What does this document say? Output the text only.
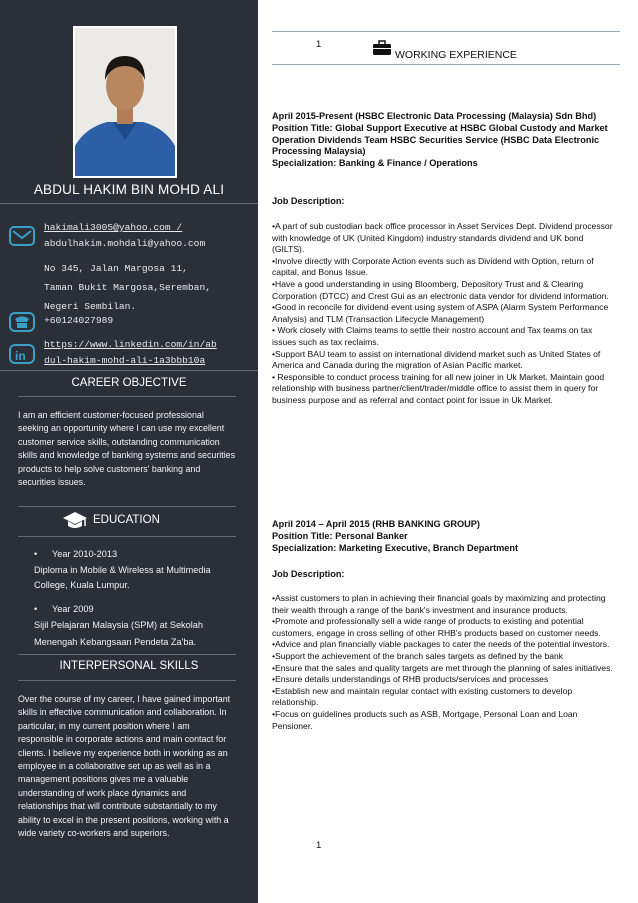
ABDUL HAKIM BIN MOHD ALI
hakimali3005@yahoo.com /
abdulhakim.mohdali@yahoo.com
No 345, Jalan Margosa 11,
Taman Bukit Margosa,Seremban,
Negeri Sembilan.
+60124027989
in
https://www.linkedin.com/in/ab
dul-hakim-mohd-ali-1a3bbb10a
CAREER OBJECTIVE
I am an efficient customer-focused professional seeking an opportunity where I can use my excellent customer service skills, outstanding communication skills and knowledge of banking systems and securities products to help solve customers' banking and securities issues.
EDUCATION
• Year 2010-2013
Diploma in Mobile & Wireless at Multimedia
College, Kuala Lumpur.
• Year 2009
Sijil Pelajaran Malaysia (SPM) at Sekolah
Menengah Kebangsaan Pendeta Za'ba.
INTERPERSONAL SKILLS
Over the course of my career, I have gained important skills in effective communication and collaboration. In particular, in my current position where I am responsible in corporate actions and main contact for clients. I believe my experience both in working as an employee in a collaborative set up as well as in a management positions gives me a valuable understanding of work place dynamics and relationships that will contribute substantially to my ability to excel in the present positions, working with a wide variety co-workers and superiors.
1
WORKING EXPERIENCE
April 2015-Present (HSBC Electronic Data Processing (Malaysia) Sdn Bhd)
Position Title: Global Support Executive at HSBC Global Custody and Market Operation Dividends Team HSBC Securities Service (HSBC Data Electronic Processing Malaysia)
Specialization: Banking & Finance / Operations
Job Description:
•A part of sub custodian back office processor in Asset Services Dept. Dividend processor with knowledge of UK (United Kingdom) industry standards dividend and UK bond (GILTS).
•Involve directly with Corporate Action events such as Dividend with Option, return of capital, and Bonus Issue.
•Have a good understanding in using Bloomberg, Depository Trust and & Clearing Corporation (DTCC) and Crest Gui as an electronic data vendor for dividend information.
•Good in reconcile for dividend event using system of ASPA (Alarm System Performance Analysis) and TLM (Transaction Lifecycle Management)
• Work closely with Claims teams to settle their nostro account and Tax teams on tax issues such as tax reclaims.
•Support BAU team to assist on international dividend market such as United States of America and Canada during the migration of Asian Pacific market.
• Responsible to conduct process training for all new joiner in Uk Market. Maintain good relationship with business partner/client/trader/middle office to assist them in query for business purpose and as referral and contact point for issue in Uk Market.
April 2014 – April 2015 (RHB BANKING GROUP)
Position Title: Personal Banker
Specialization: Marketing Executive, Branch Department
Job Description:
•Assist customers to plan in achieving their financial goals by maximizing and protecting their wealth through a range of the bank's investment and insurance products.
•Promote and professionally sell a wide range of products to existing and potential customers, engage in cross selling of other RHB's products based on customer needs.
•Advice and plan financially viable packages to cater the needs of the potential investors.
•Support the achievement of the branch sales targets as defined by the bank
•Ensure that the sales and quality targets are met through the planning of sales initiatives.
•Ensure details understandings of RHB products/services and processes
•Establish new and maintain regular contact with existing customers to develop relationship.
•Focus on guidelines products such as ASB, Mortgage, Personal Loan and Loan Pensioner.
1
